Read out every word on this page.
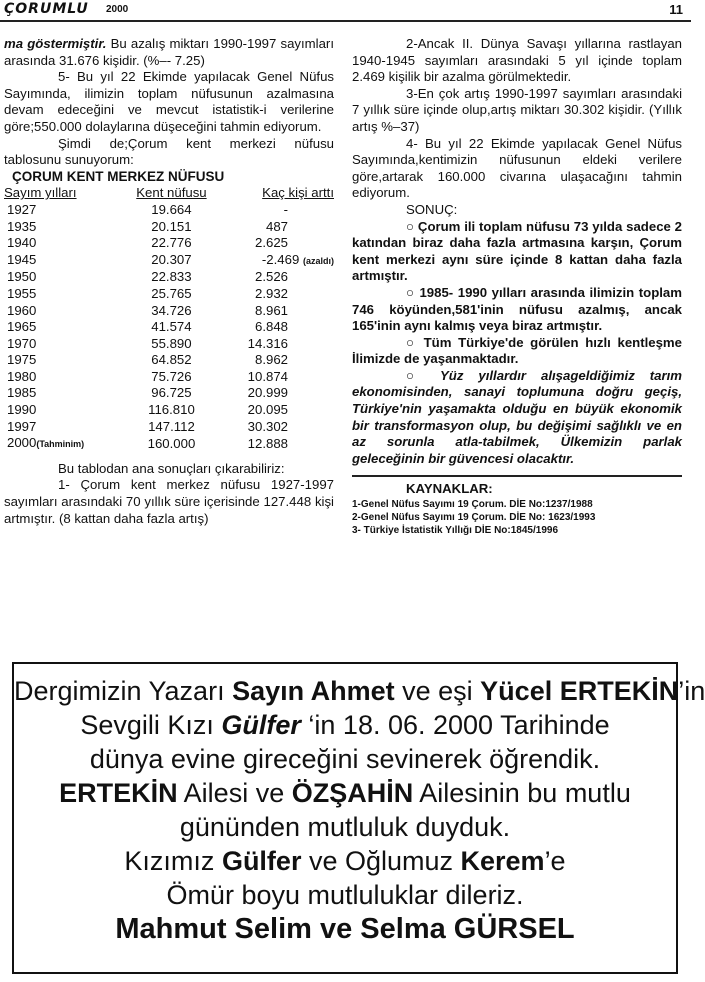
ÇORUMLU 2000	11

ma göstermiştir. Bu azalış miktarı 1990-1997 sayımları arasında 31.676 kişidir. (%–- 7.25)

5- Bu yıl 22 Ekimde yapılacak Genel Nüfus Sayımında, ilimizin toplam nüfusunun azalmasına devam edeceğini ve mevcut istatistik-i verilerine göre;550.000 dolaylarına düşeceğini tahmin ediyorum.

Şimdi de;Çorum kent merkezi nüfusu tablosunu sunuyorum:

ÇORUM KENT MERKEZ NÜFUSU
Sayım yılları	Kent nüfusu	Kaç kişi arttı
1927	19.664	-
1935	20.151	487
1940	22.776	2.625
1945	20.307	-2.469 (azaldı)
1950	22.833	2.526
1955	25.765	2.932
1960	34.726	8.961
1965	41.574	6.848
1970	55.890	14.316
1975	64.852	8.962
1980	75.726	10.874
1985	96.725	20.999
1990	116.810	20.095
1997	147.112	30.302
2000(Tahminim)	160.000	12.888

Bu tablodan ana sonuçları çıkarabiliriz:

1- Çorum kent merkez nüfusu 1927-1997 sayımları arasındaki 70 yıllık süre içerisinde 127.448 kişi artmıştır. (8 kattan daha fazla artış)

2-Ancak II. Dünya Savaşı yıllarına rastlayan 1940-1945 sayımları arasındaki 5 yıl içinde toplam 2.469 kişilik bir azalma görülmektedir.

3-En çok artış 1990-1997 sayımları arasındaki 7 yıllık süre içinde olup,artış miktarı 30.302 kişidir. (Yıllık artış %–37)

4- Bu yıl 22 Ekimde yapılacak Genel Nüfus Sayımında,kentimizin nüfusunun eldeki verilere göre,artarak 160.000 civarına ulaşacağını tahmin ediyorum.

SONUÇ:

○ Çorum ili toplam nüfusu 73 yılda sadece 2 katından biraz daha fazla artmasına karşın, Çorum kent merkezi aynı süre içinde 8 kattan daha fazla artmıştır.

○ 1985- 1990 yılları arasında ilimizin toplam 746 köyünden,581'inin nüfusu azalmış, ancak 165'inin aynı kalmış veya biraz artmıştır.

○ Tüm Türkiye'de görülen hızlı kentleşme İlimizde de yaşanmaktadır.

○ Yüz yıllardır alışageldiğimiz tarım ekonomisinden, sanayi toplumuna doğru geçiş, Türkiye'nin yaşamakta olduğu en büyük ekonomik bir transformasyon olup, bu değişimi sağlıklı ve en az sorunla atla-tabilmek, Ülkemizin parlak geleceğinin bir güvencesi olacaktır.

KAYNAKLAR:

1-Genel Nüfus Sayımı 19 Çorum. DİE No:1237/1988
2-Genel Nüfus Sayımı 19 Çorum. DİE No: 1623/1993
3- Türkiye İstatistik Yıllığı DİE No:1845/1996
Dergimizin Yazarı Sayın Ahmet ve eşi Yücel ERTEKİN’in
Sevgili Kızı Gülfer ‘in 18. 06. 2000 Tarihinde
dünya evine gireceğini sevinerek öğrendik.
ERTEKİN Ailesi ve ÖZŞAHİN Ailesinin bu mutlu
gününden mutluluk duyduk.
Kızımız Gülfer ve Oğlumuz Kerem’e
Ömür boyu mutluluklar dileriz.
Mahmut Selim ve Selma GÜRSEL
